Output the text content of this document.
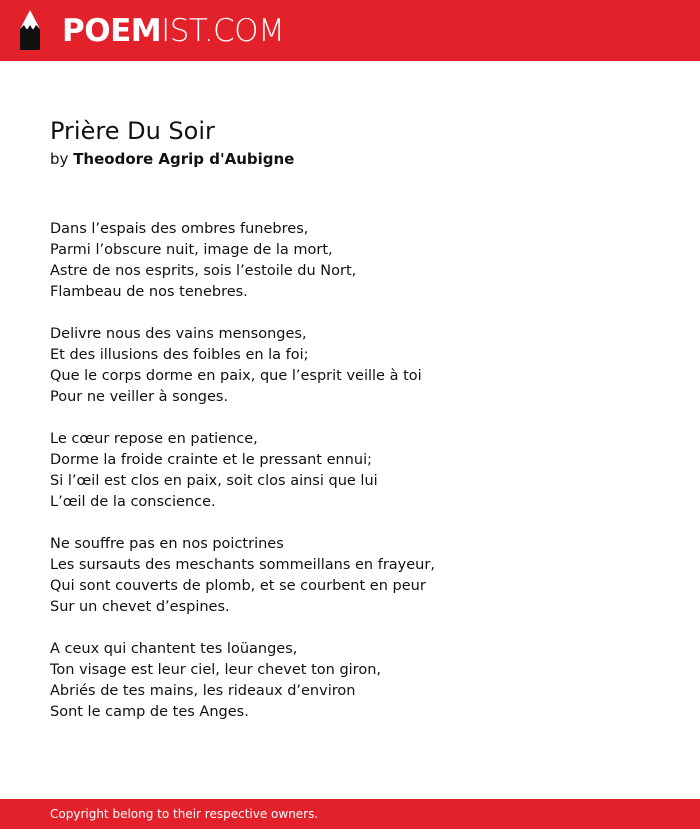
POEMIST.COM
Prière Du Soir
by Theodore Agrip d'Aubigne
Dans l’espais des ombres funebres,
Parmi l’obscure nuit, image de la mort,
Astre de nos esprits, sois l’estoile du Nort,
Flambeau de nos tenebres.
Delivre nous des vains mensonges,
Et des illusions des foibles en la foi;
Que le corps dorme en paix, que l’esprit veille à toi
Pour ne veiller à songes.
Le cœur repose en patience,
Dorme la froide crainte et le pressant ennui;
Si l’œil est clos en paix, soit clos ainsi que lui
L’œil de la conscience.
Ne souffre pas en nos poictrines
Les sursauts des meschants sommeillans en frayeur,
Qui sont couverts de plomb, et se courbent en peur
Sur un chevet d’espines.
A ceux qui chantent tes loüanges,
Ton visage est leur ciel, leur chevet ton giron,
Abriés de tes mains, les rideaux d’environ
Sont le camp de tes Anges.
Copyright belong to their respective owners.
